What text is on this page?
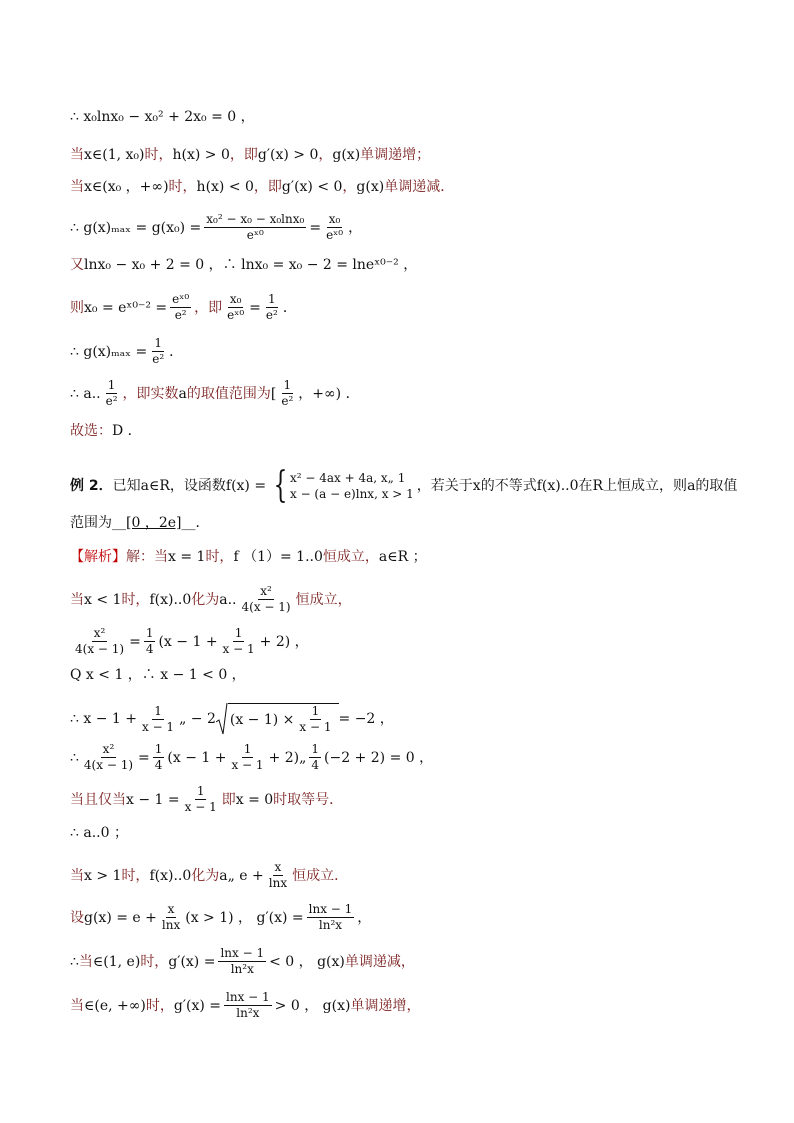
∴ x₀lnx₀ − x₀² + 2x₀ = 0 ，
当 x∈(1, x₀) 时， h(x) > 0 ，即 g′(x) > 0 ， g(x) 单调递增；
当 x∈(x₀ ，+∞) 时， h(x) < 0 ，即 g′(x) < 0 ， g(x) 单调递减．
∴ $g(x)_{max} = g(x_0) = \frac{\text{x₀² − x₀ − x₀lnx₀}}{\text{eˣ⁰}} = \frac{\text{x₀}}{\text{eˣ⁰}}$ ，
又 lnx₀ − x₀ + 2 = 0 ，∴ lnx₀ = x₀ − 2 = lneˣ⁰⁻² ，
则 x₀ = eˣ⁰⁻² = $\frac{\text{eˣ⁰}}{\text{e²}}$ ，即 $\frac{\text{x₀}}{\text{eˣ⁰}} = \frac{1}{\text{e²}}$ ．
∴ $g(x)_{max} = \frac{1}{\text{e²}}$ ．
∴ a.. $\frac{1}{\text{e²}}$ ，即实数 a 的取值范围为 [ $\frac{1}{\text{e²}}$ ，+∞) ．
故选： D ．
例 2． 已知 a∈R ，设函数 f(x) = { x² − 4ax + 4a, x„ 1
x − (a − e)lnx, x > 1 ，若关于 x 的不等式 f(x)..0 在 R 上恒成立，则 a 的取值
范围为 __ [0 ，2e] __ ．
【解析】 解：当 x = 1 时， f （1）= 1..0 恒成立， a∈R ；
当 x < 1 时， f(x)..0 化为 a.. $\frac{\text{x²}}{4(x - 1)}$ 恒成立，
$\frac{\text{x²}}{4(x - 1)} = \frac{1}{4} (x - 1 + \frac{1}{x - 1} + 2)$ ，
Q x < 1 ，∴ x − 1 < 0 ，
∴ $x - 1 + \frac{1}{x - 1}$ „ − 2 $(x - 1) \times \frac{1}{x - 1} = -2$ ，
∴ $\frac{\text{x²}}{4(x - 1)} = \frac{1}{4} (x - 1 + \frac{1}{x - 1}$ + 2)„ $\frac{1}{4} (-2 + 2) = 0$ ，
当且仅当 $x - 1 = \frac{1}{x - 1}$ 即 x = 0 时取等号．
∴ a..0 ；
当 x > 1 时， f(x)..0 化为 a„ $e + \frac{x}{\ln x}$ 恒成立．
设 $g(x) = e + \frac{x}{\ln x} (x > 1)$ ， $g'(x) = \frac{\ln x - 1}{\text{ln²x}}$ ，
∴ 当 ∈(1, e) 时， $g'(x) = \frac{\ln x - 1}{\text{ln²x}} < 0$ ， g(x) 单调递减，
当 ∈(e, +∞) 时， $g'(x) = \frac{\ln x - 1}{\text{ln²x}} > 0$ ， g(x) 单调递增，
